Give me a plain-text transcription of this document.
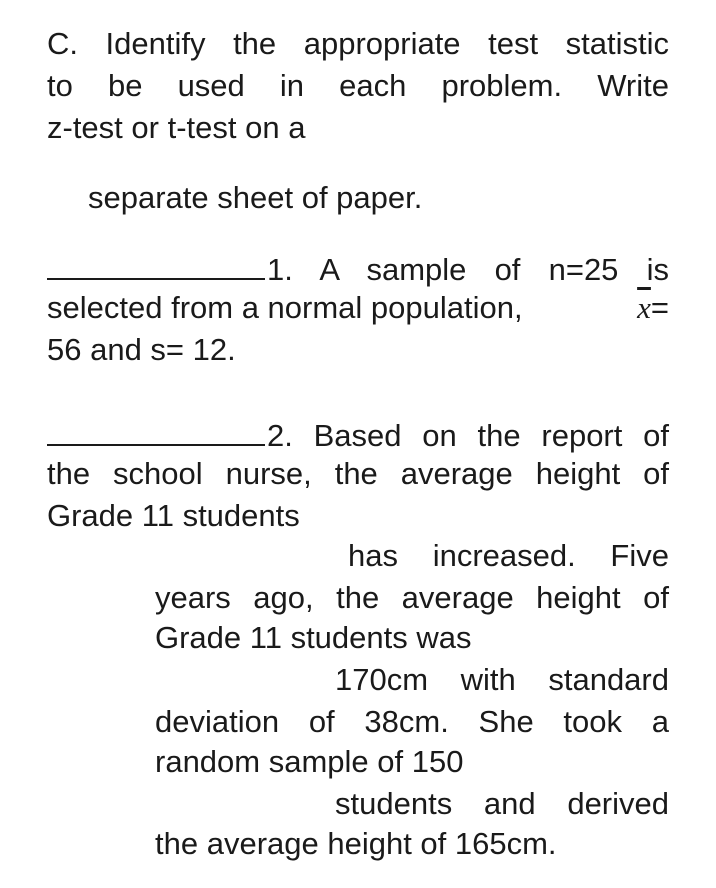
C. Identify the appropriate test statistic
to be used in each problem. Write
z-test or t-test on a
separate sheet of paper.
1. A sample of n=25 is
selected from a normal population,	$\overline{x}=$
56 and s= 12.
2. Based on the report of
the school nurse, the average height of
Grade 11 students
has increased. Five
years ago, the average height of
Grade 11 students was
170cm with standard
deviation of 38cm. She took a
random sample of 150
students and derived
the average height of 165cm.
